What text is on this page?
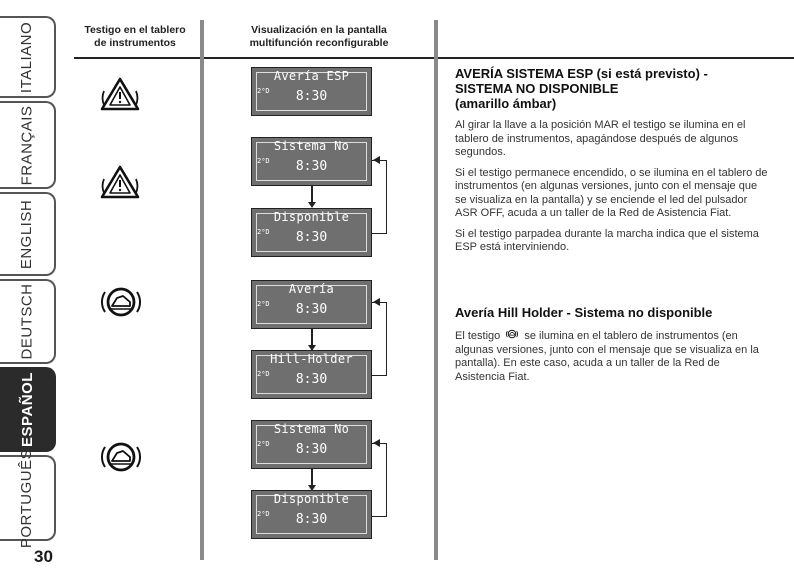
ITALIANO
FRANÇAIS
ENGLISH
DEUTSCH
ESPAÑOL
PORTUGUÊS
30
Testigo en el tablero
de instrumentos
Visualización en la pantalla
multifunción reconfigurable
Avería ESP
2⁰D	8:30
Sistema No
2⁰D	8:30
Disponible
2⁰D	8:30
Avería
2⁰D	8:30
Hill-Holder
2⁰D	8:30
Sistema No
2⁰D	8:30
Disponible
2⁰D	8:30
AVERÍA SISTEMA ESP (si está previsto) -
SISTEMA NO DISPONIBLE
(amarillo ámbar)

Al girar la llave a la posición MAR el testigo se ilumina en el tablero de instrumentos, apagándose después de algunos segundos.

Si el testigo permanece encendido, o se ilumina en el tablero de instrumentos (en algunas versiones, junto con el mensaje que se visualiza en la pantalla) y se enciende el led del pulsador ASR OFF, acuda a un taller de la Red de Asistencia Fiat.

Si el testigo parpadea durante la marcha indica que el sistema ESP está interviniendo.

Avería Hill Holder - Sistema no disponible

El testigo se ilumina en el tablero de instrumentos (en algunas versiones, junto con el mensaje que se visualiza en la pantalla). En este caso, acuda a un taller de la Red de Asistencia Fiat.
